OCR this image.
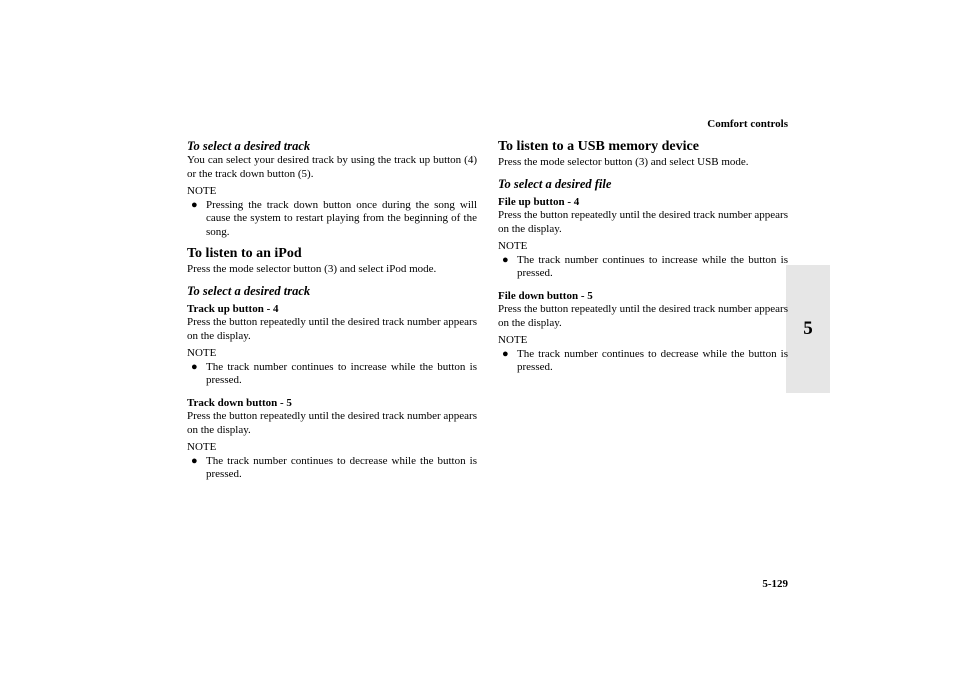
Comfort controls
5

To select a desired track

You can select your desired track by using the track up button (4) or the track down button (5).

NOTE

● Pressing the track down button once during the song will cause the system to restart playing from the beginning of the song.

To listen to an iPod

Press the mode selector button (3) and select iPod mode.

To select a desired track

Track up button - 4

Press the button repeatedly until the desired track number appears on the display.

NOTE

● The track number continues to increase while the button is pressed.

Track down button - 5

Press the button repeatedly until the desired track number appears on the display.

NOTE

● The track number continues to decrease while the button is pressed.

To listen to a USB memory device

Press the mode selector button (3) and select USB mode.

To select a desired file

File up button - 4

Press the button repeatedly until the desired track number appears on the display.

NOTE

● The track number continues to increase while the button is pressed.

File down button - 5

Press the button repeatedly until the desired track number appears on the display.

NOTE

● The track number continues to decrease while the button is pressed.
5-129
